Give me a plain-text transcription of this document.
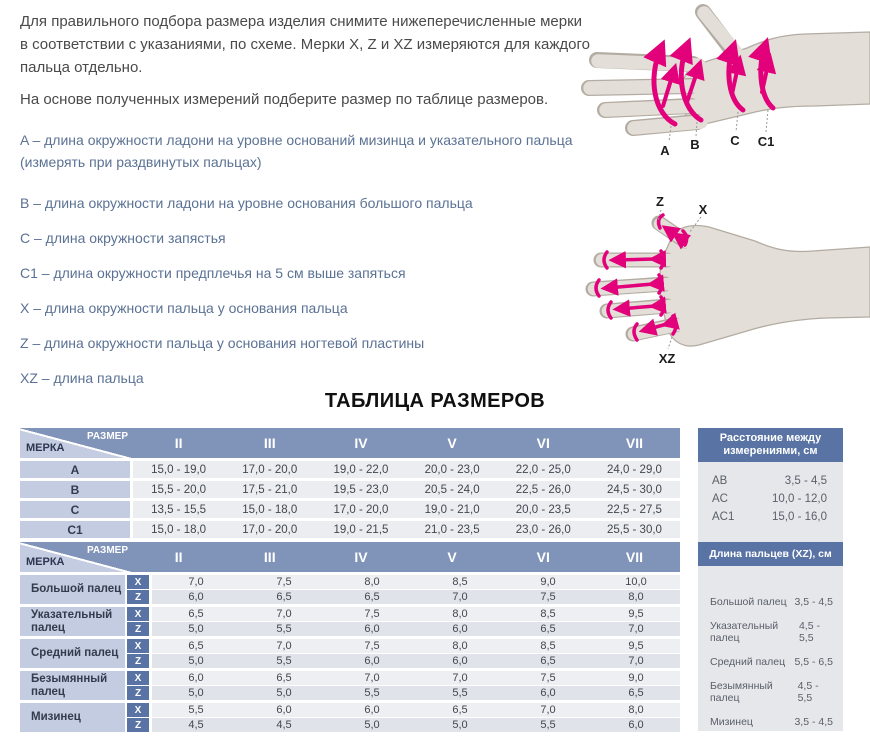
Для правильного подбора размера изделия снимите нижеперечисленные мерки в соответствии с указаниями, по схеме. Мерки X, Z и XZ измеряются для каждого пальца отдельно.
На основе полученных измерений подберите размер по таблице размеров.
A – длина окружности ладони на уровне оснований мизинца и указательного пальца (измерять при раздвинутых пальцах)
B – длина окружности ладони на уровне основания большого пальца
C – длина окружности запястья
C1 – длина окружности предплечья на 5 см выше запяться
X – длина окружности пальца у основания пальца
Z – длина окружности пальца у основания ногтевой пластины
XZ – длина пальца
A B C C1
Z
X
XZ
ТАБЛИЦА РАЗМЕРОВ
РАЗМЕР
МЕРКА	II	III	IV	V	VI	VII
A	15,0 - 19,0	17,0 - 20,0	19,0 - 22,0	20,0 - 23,0	22,0 - 25,0	24,0 - 29,0
B	15,5 - 20,0	17,5 - 21,0	19,5 - 23,0	20,5 - 24,0	22,5 - 26,0	24,5 - 30,0
C	13,5 - 15,5	15,0 - 18,0	17,0 - 20,0	19,0 - 21,0	20,0 - 23,5	22,5 - 27,5
C1	15,0 - 18,0	17,0 - 20,0	19,0 - 21,5	21,0 - 23,5	23,0 - 26,0	25,5 - 30,0
Расстояние между измерениями, см
AB	3,5 - 4,5
AC	10,0 - 12,0
AC1	15,0 - 16,0
РАЗМЕР
МЕРКА	II	III	IV	V	VI	VII
Большой палец
X	7,0	7,5	8,0	8,5	9,0	10,0
Z	6,0	6,5	6,5	7,0	7,5	8,0
Указательный палец
X	6,5	7,0	7,5	8,0	8,5	9,5
Z	5,0	5,5	6,0	6,0	6,5	7,0
Средний палец
X	6,5	7,0	7,5	8,0	8,5	9,5
Z	5,0	5,5	6,0	6,0	6,5	7,0
Безымянный палец
X	6,0	6,5	7,0	7,0	7,5	9,0
Z	5,0	5,0	5,5	5,5	6,0	6,5
Мизинец
X	5,5	6,0	6,0	6,5	7,0	8,0
Z	4,5	4,5	5,0	5,0	5,5	6,0
Длина пальцев (XZ), см
Большой палец 3,5 - 4,5
Указательный палец
4,5 - 5,5
Средний палец 5,5 - 6,5
Безымянный палец
4,5 - 5,5
Мизинец	3,5 - 4,5
